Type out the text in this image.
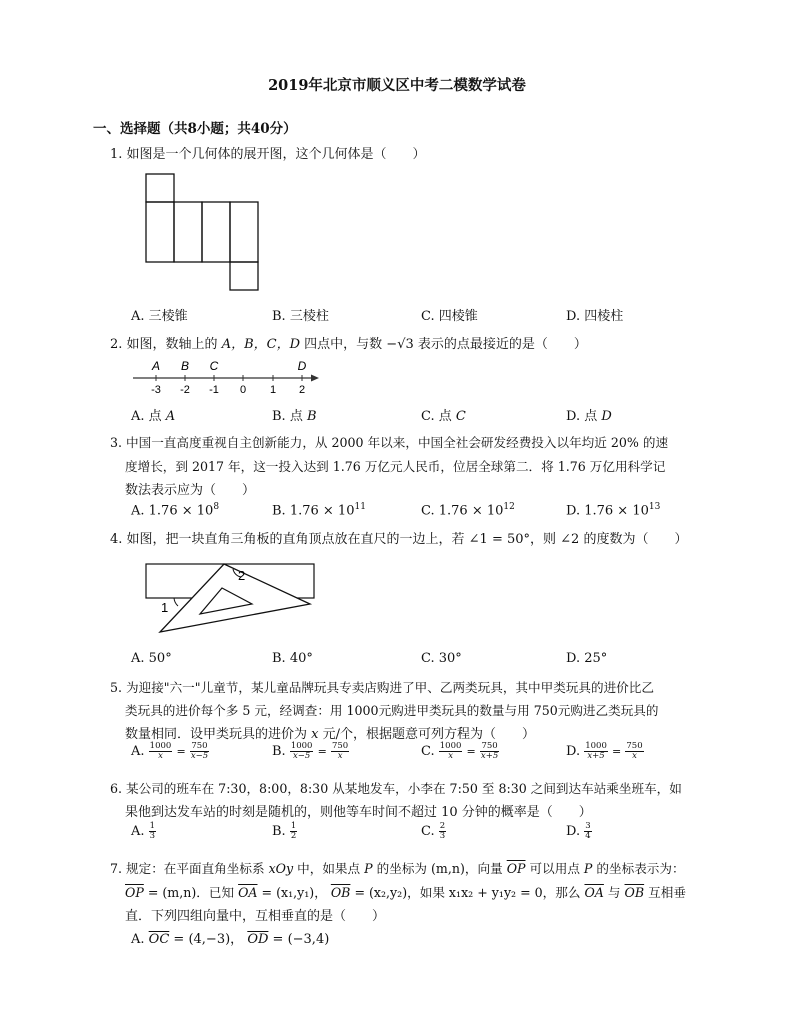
2019年北京市顺义区中考二模数学试卷
一、选择题（共8小题；共40分）
1. 如图是一个几何体的展开图，这个几何体是（　　）
A. 三棱锥	B. 三棱柱	C. 四棱锥	D. 四棱柱
2. 如图，数轴上的 A，B，C，D 四点中，与数 −√3 表示的点最接近的是（　　）
A B C	D
-3 -2 -1 0 1 2
A. 点 A	B. 点 B	C. 点 C	D. 点 D
3. 中国一直高度重视自主创新能力，从 2000 年以来，中国全社会研发经费投入以年均近 20% 的速
度增长，到 2017 年，这一投入达到 1.76 万亿元人民币，位居全球第二．将 1.76 万亿用科学记
数法表示应为（　　）
A. $1.76 \times 10^8$	B. $1.76 \times 10^{11}$	C. $1.76 \times 10^{12}$	D. $1.76 \times 10^{13}$
4. 如图，把一块直角三角板的直角顶点放在直尺的一边上，若 ∠1 = 50°，则 ∠2 的度数为（　　）
1
2
A. 50°	B. 40°	C. 30°	D. 25°
5. 为迎接"六一"儿童节，某儿童品牌玩具专卖店购进了甲、乙两类玩具，其中甲类玩具的进价比乙
类玩具的进价每个多 5 元，经调查：用 1000元购进甲类玩具的数量与用 750元购进乙类玩具的
数量相同．设甲类玩具的进价为 x 元/个，根据题意可列方程为（　　）
A. $\frac{1000}{x} = \frac{750}{x-5}$	B. $\frac{1000}{x-5} = \frac{750}{x}$	C. $\frac{1000}{x} = \frac{750}{x+5}$	D. $\frac{1000}{x+5} = \frac{750}{x}$
6. 某公司的班车在 7:30，8:00，8:30 从某地发车，小李在 7:50 至 8:30 之间到达车站乘坐班车，如
果他到达发车站的时刻是随机的，则他等车时间不超过 10 分钟的概率是（　　）
A. $\frac{1}{3}$	B. $\frac{1}{2}$	C. $\frac{2}{3}$	D. $\frac{3}{4}$
7. 规定：在平面直角坐标系 xOy 中，如果点 P 的坐标为 (m,n)，向量 $\overline{OP}$ 可以用点 P 的坐标表示为：
$\overline{OP} = (m,n)$．已知 $\overline{OA} = (x_1,y_1)$， $\overline{OB} = (x_2,y_2)$，如果 x₁x₂ + y₁y₂ = 0，那么 $\overline{OA}$ 与 $\overline{OB}$ 互相垂
直．下列四组向量中，互相垂直的是（　　）
A. $\overline{OC} = (4,-3)$， $\overline{OD} = (-3,4)$
